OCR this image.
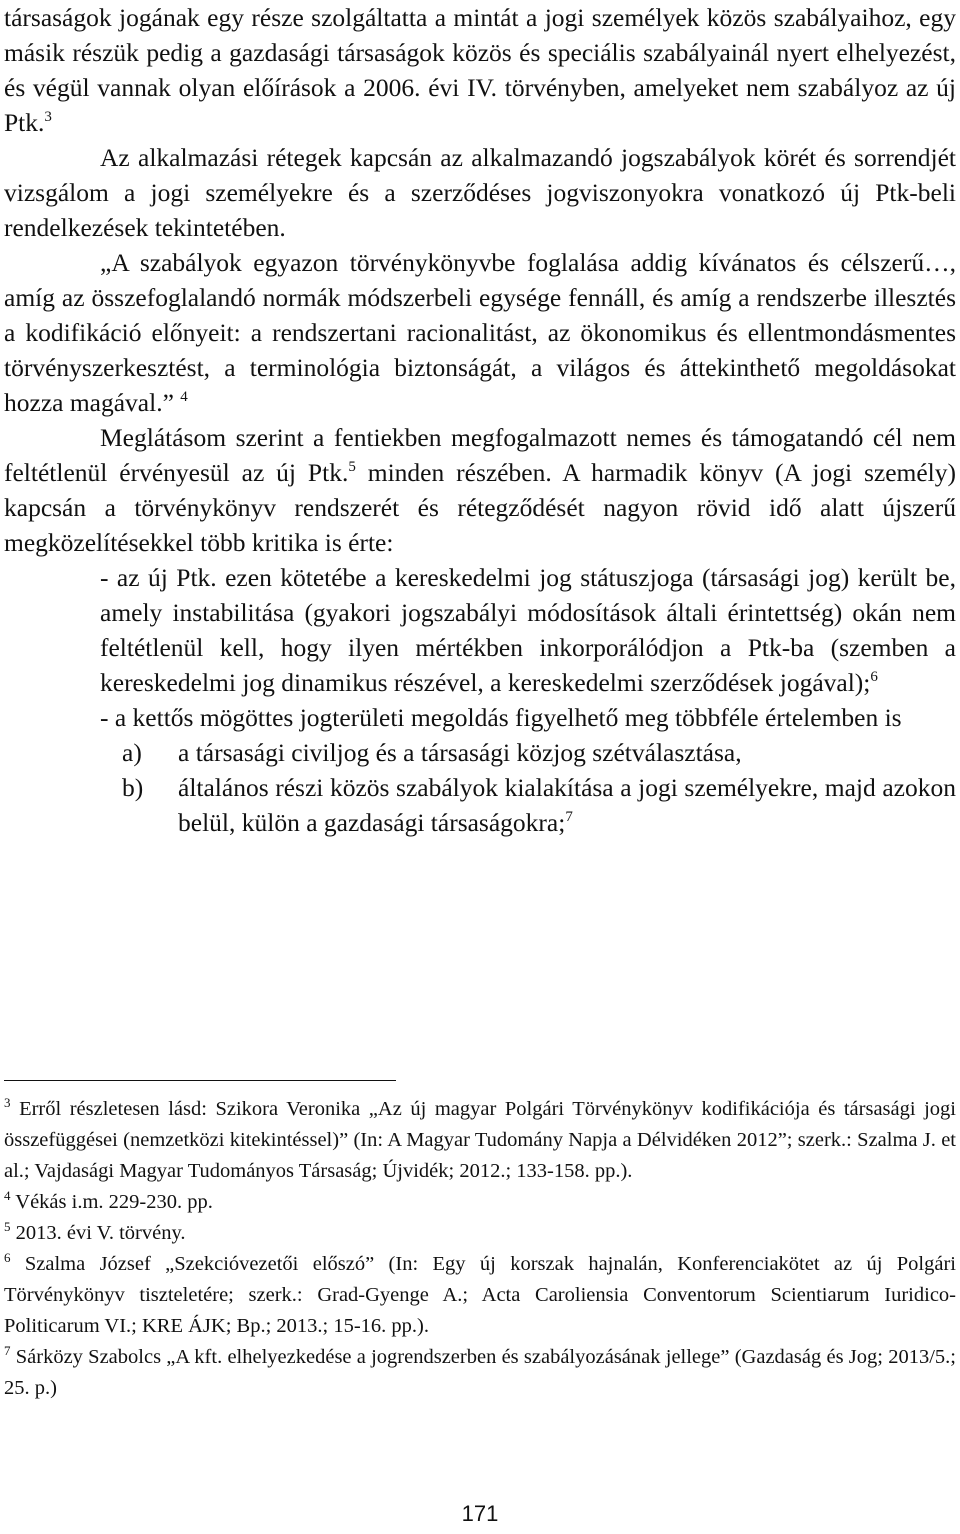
társaságok jogának egy része szolgáltatta a mintát a jogi személyek közös szabályaihoz, egy másik részük pedig a gazdasági társaságok közös és speciális szabályainál nyert elhelyezést, és végül vannak olyan előírások a 2006. évi IV. törvényben, amelyeket nem szabályoz az új Ptk.$^3$

Az alkalmazási rétegek kapcsán az alkalmazandó jogszabályok körét és sorrendjét vizsgálom a jogi személyekre és a szerződéses jogviszonyokra vonatkozó új Ptk-beli rendelkezések tekintetében.

„A szabályok egyazon törvénykönyvbe foglalása addig kívánatos és célszerű…, amíg az összefoglalandó normák módszerbeli egysége fennáll, és amíg a rendszerbe illesztés a kodifikáció előnyeit: a rendszertani racionalitást, az ökonomikus és ellentmondásmentes törvényszerkesztést, a terminológia biztonságát, a világos és áttekinthető megoldásokat hozza magával.” $^4$

Meglátásom szerint a fentiekben megfogalmazott nemes és támogatandó cél nem feltétlenül érvényesül az új Ptk.$^5$ minden részében. A harmadik könyv (A jogi személy) kapcsán a törvénykönyv rendszerét és rétegződését nagyon rövid idő alatt újszerű megközelítésekkel több kritika is érte:

- az új Ptk. ezen kötetébe a kereskedelmi jog státuszjoga (társasági jog) került be, amely instabilitása (gyakori jogszabályi módosítások általi érintettség) okán nem feltétlenül kell, hogy ilyen mértékben inkorporálódjon a Ptk-ba (szemben a kereskedelmi jog dinamikus részével, a kereskedelmi szerződések jogával);$^6$

- a kettős mögöttes jogterületi megoldás figyelhető meg többféle értelemben is

a)	a társasági civiljog és a társasági közjog szétválasztása,
b)	általános részi közös szabályok kialakítása a jogi személyekre, majd azokon belül, külön a gazdasági társaságokra;$^7$

$^3$ Erről részletesen lásd: Szikora Veronika „Az új magyar Polgári Törvénykönyv kodifikációja és társasági jogi összefüggései (nemzetközi kitekintéssel)” (In: A Magyar Tudomány Napja a Délvidéken 2012”; szerk.: Szalma J. et al.; Vajdasági Magyar Tudományos Társaság; Újvidék; 2012.; 133-158. pp.).

$^4$ Vékás i.m. 229-230. pp.

$^5$ 2013. évi V. törvény.

$^6$ Szalma József „Szekcióvezetői előszó” (In: Egy új korszak hajnalán, Konferenciakötet az új Polgári Törvénykönyv tiszteletére; szerk.: Grad-Gyenge A.; Acta Caroliensia Conventorum Scientiarum Iuridico-Politicarum VI.; KRE ÁJK; Bp.; 2013.; 15-16. pp.).

$^7$ Sárközy Szabolcs „A kft. elhelyezkedése a jogrendszerben és szabályozásának jellege” (Gazdaság és Jog; 2013/5.; 25. p.)

171
